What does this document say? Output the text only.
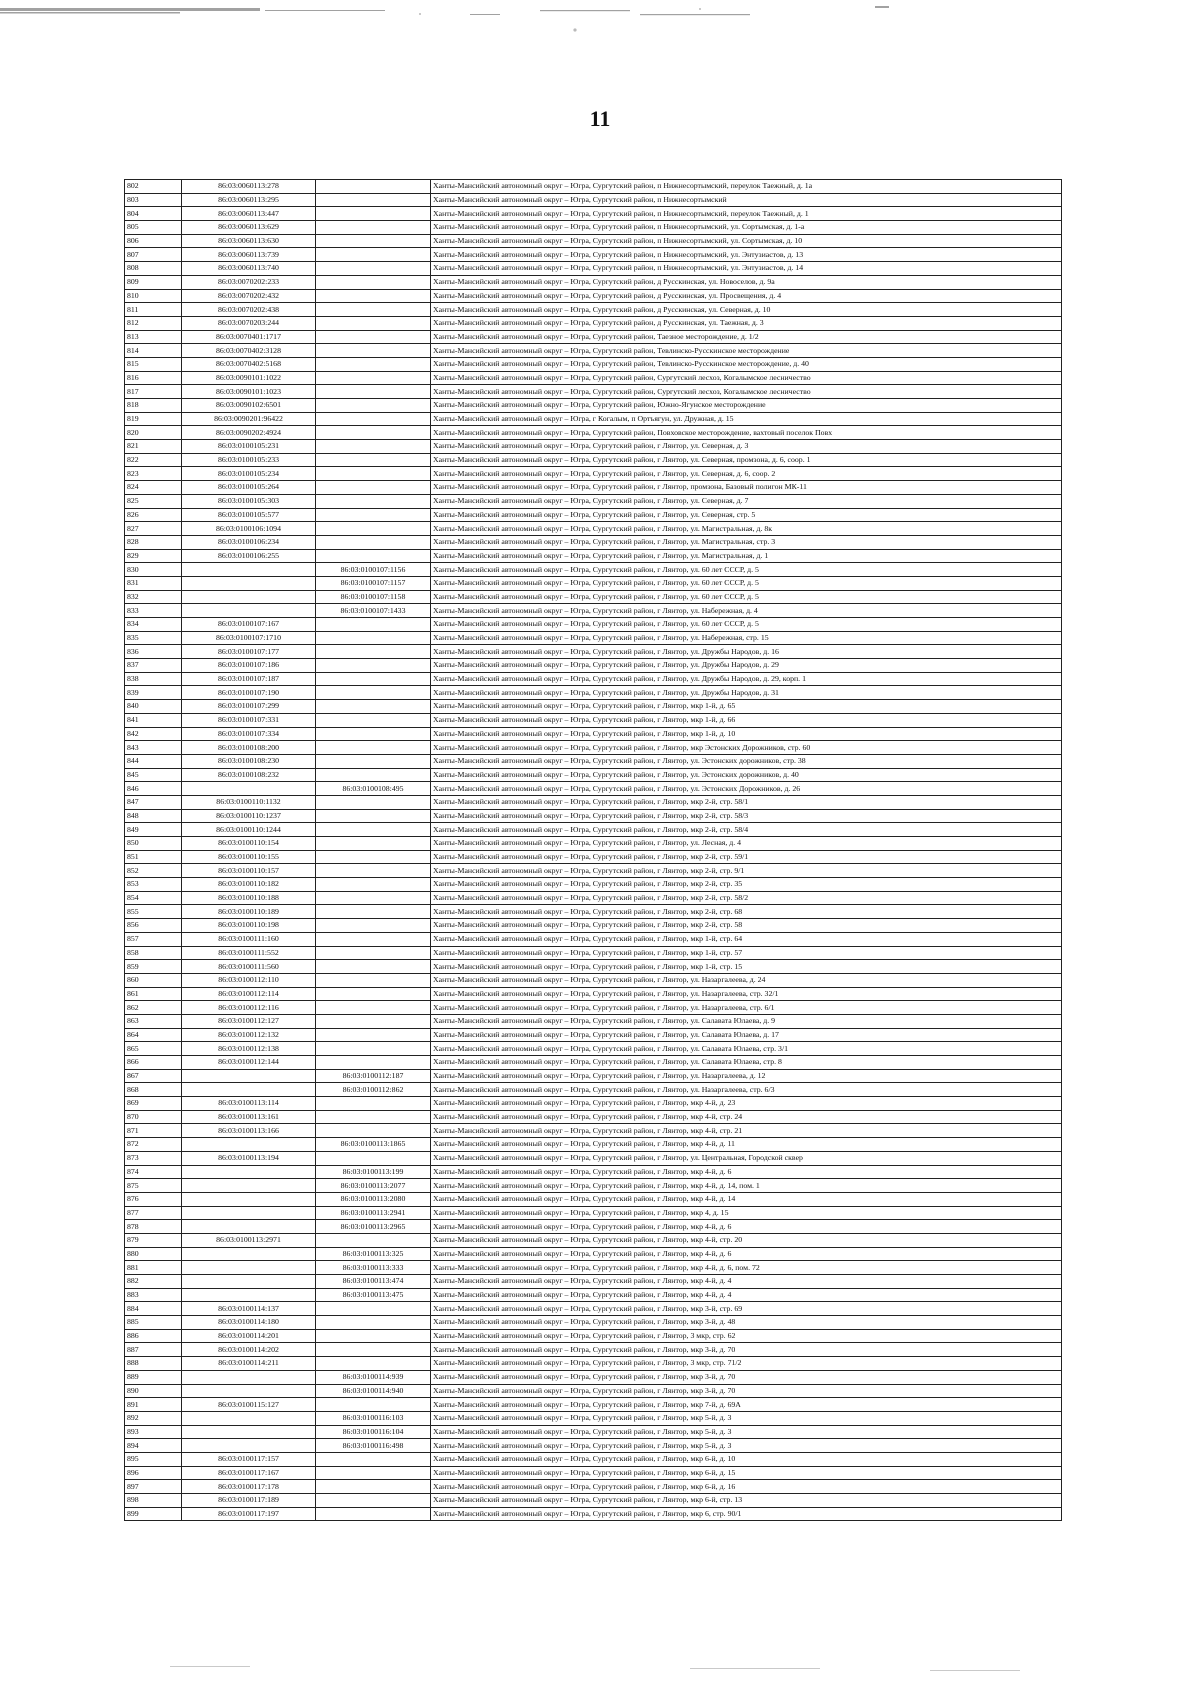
11
802	86:03:0060113:278		Ханты-Мансийский автономный округ – Югра, Сургутский район, п Нижнесортымский, переулок Таежный, д. 1а
803	86:03:0060113:295		Ханты-Мансийский автономный округ – Югра, Сургутский район, п Нижнесортымский
804	86:03:0060113:447		Ханты-Мансийский автономный округ – Югра, Сургутский район, п Нижнесортымский, переулок Таежный, д. 1
805	86:03:0060113:629		Ханты-Мансийский автономный округ – Югра, Сургутский район, п Нижнесортымский, ул. Сортымская, д. 1-а
806	86:03:0060113:630		Ханты-Мансийский автономный округ – Югра, Сургутский район, п Нижнесортымский, ул. Сортымская, д. 10
807	86:03:0060113:739		Ханты-Мансийский автономный округ – Югра, Сургутский район, п Нижнесортымский, ул. Энтузиастов, д. 13
808	86:03:0060113:740		Ханты-Мансийский автономный округ – Югра, Сургутский район, п Нижнесортымский, ул. Энтузиастов, д. 14
809	86:03:0070202:233		Ханты-Мансийский автономный округ – Югра, Сургутский район, д Русскинская, ул. Новоселов, д. 9а
810	86:03:0070202:432		Ханты-Мансийский автономный округ – Югра, Сургутский район, д Русскинская, ул. Просвещения, д. 4
811	86:03:0070202:438		Ханты-Мансийский автономный округ – Югра, Сургутский район, д Русскинская, ул. Северная, д. 10
812	86:03:0070203:244		Ханты-Мансийский автономный округ – Югра, Сургутский район, д Русскинская, ул. Таежная, д. 3
813	86:03:0070401:1717		Ханты-Мансийский автономный округ – Югра, Сургутский район, Таезное месторождение, д. 1/2
814	86:03:0070402:3128		Ханты-Мансийский автономный округ – Югра, Сургутский район, Тевлинско-Русскинское месторождение
815	86:03:0070402:5168		Ханты-Мансийский автономный округ – Югра, Сургутский район, Тевлинско-Русскинское месторождение, д. 40
816	86:03:0090101:1022		Ханты-Мансийский автономный округ – Югра, Сургутский район, Сургутский лесхоз, Когалымское лесничество
817	86:03:0090101:1023		Ханты-Мансийский автономный округ – Югра, Сургутский район, Сургутский лесхоз, Когалымское лесничество
818	86:03:0090102:6501		Ханты-Мансийский автономный округ – Югра, Сургутский район, Южно-Ягунское месторождение
819	86:03:0090201:96422		Ханты-Мансийский автономный округ – Югра, г Когалым, п Ортъягун, ул. Дружная, д. 15
820	86:03:0090202:4924		Ханты-Мансийский автономный округ – Югра, Сургутский район, Повховское месторождение, вахтовый поселок Повх
821	86:03:0100105:231		Ханты-Мансийский автономный округ – Югра, Сургутский район, г Лянтор, ул. Северная, д. 3
822	86:03:0100105:233		Ханты-Мансийский автономный округ – Югра, Сургутский район, г Лянтор, ул. Северная, промзона, д. 6, соор. 1
823	86:03:0100105:234		Ханты-Мансийский автономный округ – Югра, Сургутский район, г Лянтор, ул. Северная, д. 6, соор. 2
824	86:03:0100105:264		Ханты-Мансийский автономный округ – Югра, Сургутский район, г Лянтор, промзона, Базовый полигон МК-11
825	86:03:0100105:303		Ханты-Мансийский автономный округ – Югра, Сургутский район, г Лянтор, ул. Северная, д. 7
826	86:03:0100105:577		Ханты-Мансийский автономный округ – Югра, Сургутский район, г Лянтор, ул. Северная, стр. 5
827	86:03:0100106:1094		Ханты-Мансийский автономный округ – Югра, Сургутский район, г Лянтор, ул. Магистральная, д. 8к
828	86:03:0100106:234		Ханты-Мансийский автономный округ – Югра, Сургутский район, г Лянтор, ул. Магистральная, стр. 3
829	86:03:0100106:255		Ханты-Мансийский автономный округ – Югра, Сургутский район, г Лянтор, ул. Магистральная, д. 1
830		86:03:0100107:1156	Ханты-Мансийский автономный округ – Югра, Сургутский район, г Лянтор, ул. 60 лет СССР, д. 5
831		86:03:0100107:1157	Ханты-Мансийский автономный округ – Югра, Сургутский район, г Лянтор, ул. 60 лет СССР, д. 5
832		86:03:0100107:1158	Ханты-Мансийский автономный округ – Югра, Сургутский район, г Лянтор, ул. 60 лет СССР, д. 5
833		86:03:0100107:1433	Ханты-Мансийский автономный округ – Югра, Сургутский район, г Лянтор, ул. Набережная, д. 4
834	86:03:0100107:167		Ханты-Мансийский автономный округ – Югра, Сургутский район, г Лянтор, ул. 60 лет СССР, д. 5
835	86:03:0100107:1710		Ханты-Мансийский автономный округ – Югра, Сургутский район, г Лянтор, ул. Набережная, стр. 15
836	86:03:0100107:177		Ханты-Мансийский автономный округ – Югра, Сургутский район, г Лянтор, ул. Дружбы Народов, д. 16
837	86:03:0100107:186		Ханты-Мансийский автономный округ – Югра, Сургутский район, г Лянтор, ул. Дружбы Народов, д. 29
838	86:03:0100107:187		Ханты-Мансийский автономный округ – Югра, Сургутский район, г Лянтор, ул. Дружбы Народов, д. 29, корп. 1
839	86:03:0100107:190		Ханты-Мансийский автономный округ – Югра, Сургутский район, г Лянтор, ул. Дружбы Народов, д. 31
840	86:03:0100107:299		Ханты-Мансийский автономный округ – Югра, Сургутский район, г Лянтор, мкр 1-й, д. 65
841	86:03:0100107:331		Ханты-Мансийский автономный округ – Югра, Сургутский район, г Лянтор, мкр 1-й, д. 66
842	86:03:0100107:334		Ханты-Мансийский автономный округ – Югра, Сургутский район, г Лянтор, мкр 1-й, д. 10
843	86:03:0100108:200		Ханты-Мансийский автономный округ – Югра, Сургутский район, г Лянтор, мкр Эстонских Дорожников, стр. 60
844	86:03:0100108:230		Ханты-Мансийский автономный округ – Югра, Сургутский район, г Лянтор, ул. Эстонских дорожников, стр. 38
845	86:03:0100108:232		Ханты-Мансийский автономный округ – Югра, Сургутский район, г Лянтор, ул. Эстонских дорожников, д. 40
846		86:03:0100108:495	Ханты-Мансийский автономный округ – Югра, Сургутский район, г Лянтор, ул. Эстонских Дорожников, д. 26
847	86:03:0100110:1132		Ханты-Мансийский автономный округ – Югра, Сургутский район, г Лянтор, мкр 2-й, стр. 58/1
848	86:03:0100110:1237		Ханты-Мансийский автономный округ – Югра, Сургутский район, г Лянтор, мкр 2-й, стр. 58/3
849	86:03:0100110:1244		Ханты-Мансийский автономный округ – Югра, Сургутский район, г Лянтор, мкр 2-й, стр. 58/4
850	86:03:0100110:154		Ханты-Мансийский автономный округ – Югра, Сургутский район, г Лянтор, ул. Лесная, д. 4
851	86:03:0100110:155		Ханты-Мансийский автономный округ – Югра, Сургутский район, г Лянтор, мкр 2-й, стр. 59/1
852	86:03:0100110:157		Ханты-Мансийский автономный округ – Югра, Сургутский район, г Лянтор, мкр 2-й, стр. 9/1
853	86:03:0100110:182		Ханты-Мансийский автономный округ – Югра, Сургутский район, г Лянтор, мкр 2-й, стр. 35
854	86:03:0100110:188		Ханты-Мансийский автономный округ – Югра, Сургутский район, г Лянтор, мкр 2-й, стр. 58/2
855	86:03:0100110:189		Ханты-Мансийский автономный округ – Югра, Сургутский район, г Лянтор, мкр 2-й, стр. 68
856	86:03:0100110:198		Ханты-Мансийский автономный округ – Югра, Сургутский район, г Лянтор, мкр 2-й, стр. 58
857	86:03:0100111:160		Ханты-Мансийский автономный округ – Югра, Сургутский район, г Лянтор, мкр 1-й, стр. 64
858	86:03:0100111:552		Ханты-Мансийский автономный округ – Югра, Сургутский район, г Лянтор, мкр 1-й, стр. 57
859	86:03:0100111:560		Ханты-Мансийский автономный округ – Югра, Сургутский район, г Лянтор, мкр 1-й, стр. 15
860	86:03:0100112:110		Ханты-Мансийский автономный округ – Югра, Сургутский район, г Лянтор, ул. Назаргалеева, д. 24
861	86:03:0100112:114		Ханты-Мансийский автономный округ – Югра, Сургутский район, г Лянтор, ул. Назаргалеева, стр. 32/1
862	86:03:0100112:116		Ханты-Мансийский автономный округ – Югра, Сургутский район, г Лянтор, ул. Назаргалеева, стр. 6/1
863	86:03:0100112:127		Ханты-Мансийский автономный округ – Югра, Сургутский район, г Лянтор, ул. Салавата Юлаева, д. 9
864	86:03:0100112:132		Ханты-Мансийский автономный округ – Югра, Сургутский район, г Лянтор, ул. Салавата Юлаева, д. 17
865	86:03:0100112:138		Ханты-Мансийский автономный округ – Югра, Сургутский район, г Лянтор, ул. Салавата Юлаева, стр. 3/1
866	86:03:0100112:144		Ханты-Мансийский автономный округ – Югра, Сургутский район, г Лянтор, ул. Салавата Юлаева, стр. 8
867		86:03:0100112:187	Ханты-Мансийский автономный округ – Югра, Сургутский район, г Лянтор, ул. Назаргалеева, д. 12
868		86:03:0100112:862	Ханты-Мансийский автономный округ – Югра, Сургутский район, г Лянтор, ул. Назаргалеева, стр. 6/3
869	86:03:0100113:114		Ханты-Мансийский автономный округ – Югра, Сургутский район, г Лянтор, мкр 4-й, д. 23
870	86:03:0100113:161		Ханты-Мансийский автономный округ – Югра, Сургутский район, г Лянтор, мкр 4-й, стр. 24
871	86:03:0100113:166		Ханты-Мансийский автономный округ – Югра, Сургутский район, г Лянтор, мкр 4-й, стр. 21
872		86:03:0100113:1865	Ханты-Мансийский автономный округ – Югра, Сургутский район, г Лянтор, мкр 4-й, д. 11
873	86:03:0100113:194		Ханты-Мансийский автономный округ – Югра, Сургутский район, г Лянтор, ул. Центральная, Городской сквер
874		86:03:0100113:199	Ханты-Мансийский автономный округ – Югра, Сургутский район, г Лянтор, мкр 4-й, д. 6
875		86:03:0100113:2077	Ханты-Мансийский автономный округ – Югра, Сургутский район, г Лянтор, мкр 4-й, д. 14, пом. 1
876		86:03:0100113:2080	Ханты-Мансийский автономный округ – Югра, Сургутский район, г Лянтор, мкр 4-й, д. 14
877		86:03:0100113:2941	Ханты-Мансийский автономный округ – Югра, Сургутский район, г Лянтор, мкр 4, д. 15
878		86:03:0100113:2965	Ханты-Мансийский автономный округ – Югра, Сургутский район, г Лянтор, мкр 4-й, д. 6
879	86:03:0100113:2971		Ханты-Мансийский автономный округ – Югра, Сургутский район, г Лянтор, мкр 4-й, стр. 20
880		86:03:0100113:325	Ханты-Мансийский автономный округ – Югра, Сургутский район, г Лянтор, мкр 4-й, д. 6
881		86:03:0100113:333	Ханты-Мансийский автономный округ – Югра, Сургутский район, г Лянтор, мкр 4-й, д. 6, пом. 72
882		86:03:0100113:474	Ханты-Мансийский автономный округ – Югра, Сургутский район, г Лянтор, мкр 4-й, д. 4
883		86:03:0100113:475	Ханты-Мансийский автономный округ – Югра, Сургутский район, г Лянтор, мкр 4-й, д. 4
884	86:03:0100114:137		Ханты-Мансийский автономный округ – Югра, Сургутский район, г Лянтор, мкр 3-й, стр. 69
885	86:03:0100114:180		Ханты-Мансийский автономный округ – Югра, Сургутский район, г Лянтор, мкр 3-й, д. 48
886	86:03:0100114:201		Ханты-Мансийский автономный округ – Югра, Сургутский район, г Лянтор, 3 мкр, стр. 62
887	86:03:0100114:202		Ханты-Мансийский автономный округ – Югра, Сургутский район, г Лянтор, мкр 3-й, д. 70
888	86:03:0100114:211		Ханты-Мансийский автономный округ – Югра, Сургутский район, г Лянтор, 3 мкр, стр. 71/2
889		86:03:0100114:939	Ханты-Мансийский автономный округ – Югра, Сургутский район, г Лянтор, мкр 3-й, д. 70
890		86:03:0100114:940	Ханты-Мансийский автономный округ – Югра, Сургутский район, г Лянтор, мкр 3-й, д. 70
891	86:03:0100115:127		Ханты-Мансийский автономный округ – Югра, Сургутский район, г Лянтор, мкр 7-й, д. 69А
892		86:03:0100116:103	Ханты-Мансийский автономный округ – Югра, Сургутский район, г Лянтор, мкр 5-й, д. 3
893		86:03:0100116:104	Ханты-Мансийский автономный округ – Югра, Сургутский район, г Лянтор, мкр 5-й, д. 3
894		86:03:0100116:498	Ханты-Мансийский автономный округ – Югра, Сургутский район, г Лянтор, мкр 5-й, д. 3
895	86:03:0100117:157		Ханты-Мансийский автономный округ – Югра, Сургутский район, г Лянтор, мкр 6-й, д. 10
896	86:03:0100117:167		Ханты-Мансийский автономный округ – Югра, Сургутский район, г Лянтор, мкр 6-й, д. 15
897	86:03:0100117:178		Ханты-Мансийский автономный округ – Югра, Сургутский район, г Лянтор, мкр 6-й, д. 16
898	86:03:0100117:189		Ханты-Мансийский автономный округ – Югра, Сургутский район, г Лянтор, мкр 6-й, стр. 13
899	86:03:0100117:197		Ханты-Мансийский автономный округ – Югра, Сургутский район, г Лянтор, мкр 6, стр. 90/1
